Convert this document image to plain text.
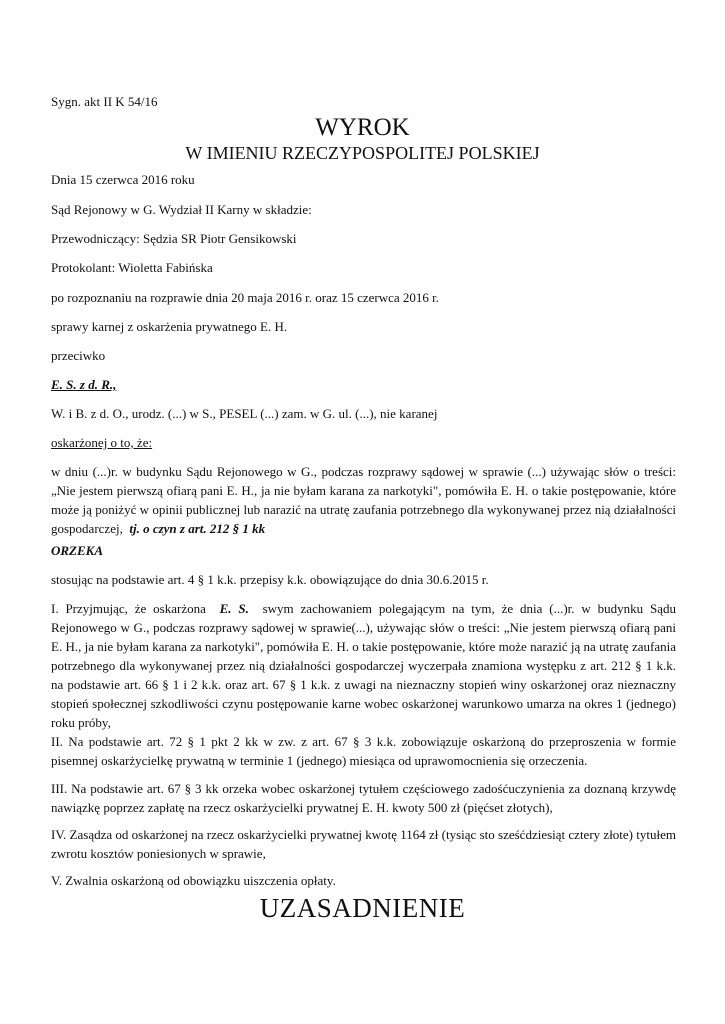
Sygn. akt II K 54/16

WYROK

W IMIENIU RZECZYPOSPOLITEJ POLSKIEJ

Dnia 15 czerwca 2016 roku

Sąd Rejonowy w G. Wydział II Karny w składzie:

Przewodniczący: Sędzia SR Piotr Gensikowski

Protokolant: Wioletta Fabińska

po rozpoznaniu na rozprawie dnia 20 maja 2016 r. oraz 15 czerwca 2016 r.

sprawy karnej z oskarżenia prywatnego E. H.

przeciwko

E. S. z d. R.,

W. i B. z d. O., urodz. (...) w S., PESEL (...) zam. w G. ul. (...), nie karanej

oskarżonej o to, że:

w dniu (...)r. w budynku Sądu Rejonowego w G., podczas rozprawy sądowej w sprawie (...) używając słów o treści: „Nie jestem pierwszą ofiarą pani E. H., ja nie byłam karana za narkotyki", pomówiła E. H. o takie postępowanie, które może ją poniżyć w opinii publicznej lub narazić na utratę zaufania potrzebnego dla wykonywanej przez nią działalności gospodarczej, tj. o czyn z art. 212 § 1 kk

ORZEKA

stosując na podstawie art. 4 § 1 k.k. przepisy k.k. obowiązujące do dnia 30.6.2015 r.

I. Przyjmując, że oskarżona E. S. swym zachowaniem polegającym na tym, że dnia (...)r. w budynku Sądu Rejonowego w G., podczas rozprawy sądowej w sprawie(...), używając słów o treści: „Nie jestem pierwszą ofiarą pani E. H., ja nie byłam karana za narkotyki", pomówiła E. H. o takie postępowanie, które może narazić ją na utratę zaufania potrzebnego dla wykonywanej przez nią działalności gospodarczej wyczerpała znamiona występku z art. 212 § 1 k.k. na podstawie art. 66 § 1 i 2 k.k. oraz art. 67 § 1 k.k. z uwagi na nieznaczny stopień winy oskarżonej oraz nieznaczny stopień społecznej szkodliwości czynu postępowanie karne wobec oskarżonej warunkowo umarza na okres 1 (jednego) roku próby,

II. Na podstawie art. 72 § 1 pkt 2 kk w zw. z art. 67 § 3 k.k. zobowiązuje oskarżoną do przeproszenia w formie pisemnej oskarżycielkę prywatną w terminie 1 (jednego) miesiąca od uprawomocnienia się orzeczenia.

III. Na podstawie art. 67 § 3 kk orzeka wobec oskarżonej tytułem częściowego zadośćuczynienia za doznaną krzywdę nawiązkę poprzez zapłatę na rzecz oskarżycielki prywatnej E. H. kwoty 500 zł (pięćset złotych),

IV. Zasądza od oskarżonej na rzecz oskarżycielki prywatnej kwotę 1164 zł (tysiąc sto sześćdziesiąt cztery złote) tytułem zwrotu kosztów poniesionych w sprawie,

V. Zwalnia oskarżoną od obowiązku uiszczenia opłaty.

UZASADNIENIE
